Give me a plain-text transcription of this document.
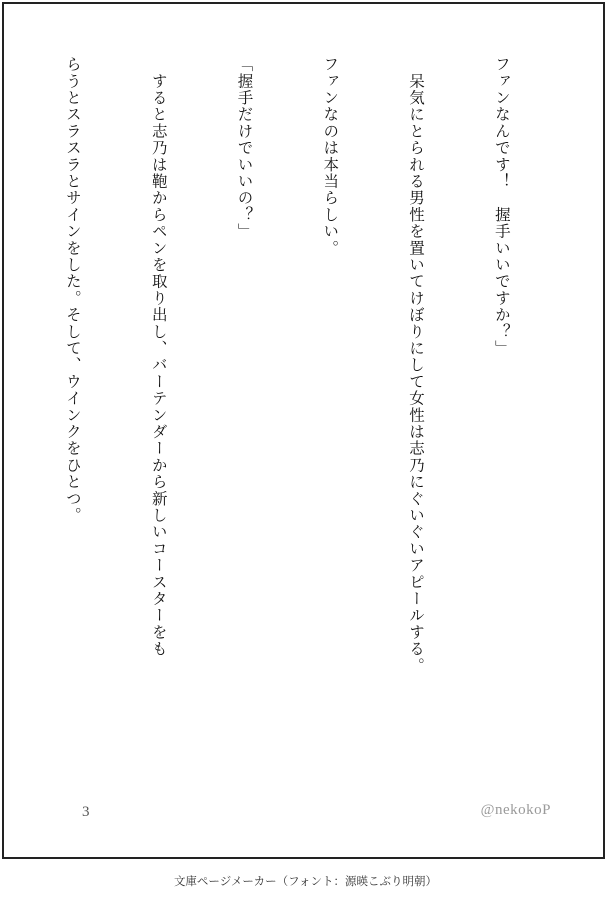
ファンなんです！　握手いいですか？」

　呆気にとられる男性を置いてけぼりにして女性は志乃にぐいぐいアピールする。

ファンなのは本当らしい。

「握手だけでいいの？」

　すると志乃は鞄からペンを取り出し、バーテンダーから新しいコースターをも

らうとスラスラとサインをした。そして、ウインクをひとつ。

3	@nekokoP
文庫ページメーカー（フォント：源暎こぶり明朝）
